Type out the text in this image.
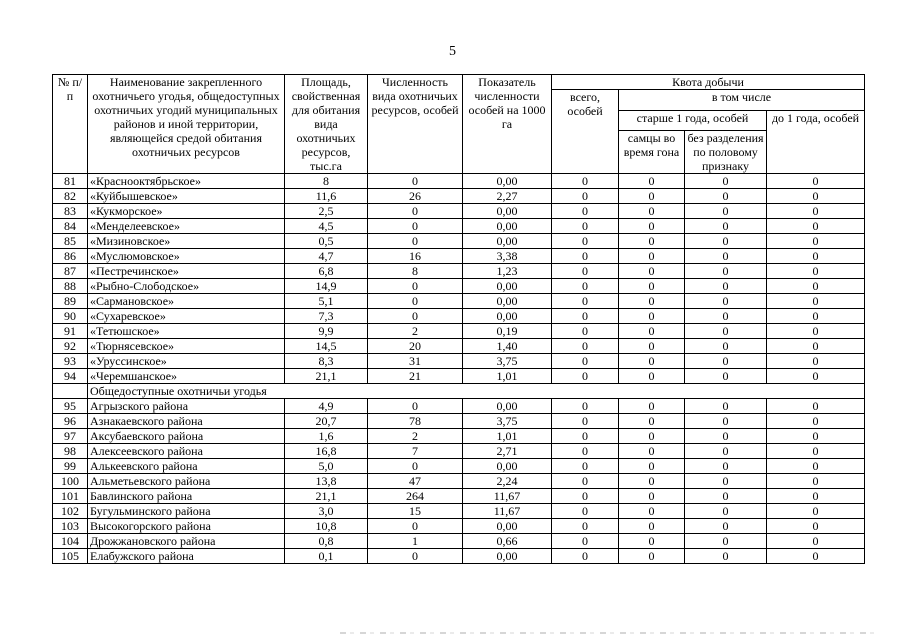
5
№ п/п	Наименование закрепленного охотничьего угодья, общедоступных охотничьих угодий муниципальных районов и иной территории, являющейся средой обитания охотничьих ресурсов	Площадь, свойственная для обитания вида охотничьих ресурсов, тыс.га	Численность вида охотничьих ресурсов, особей	Показатель численности особей на 1000 га	Квота добычи			
					всего, особей	в том числе		
						старше 1 года, особей		до 1 года, особей
						самцы во время гона	без разделения по половому признаку	
81	«Краснооктябрьское»	8	0	0,00	0	0	0	0
82	«Куйбышевское»	11,6	26	2,27	0	0	0	0
83	«Кукморское»	2,5	0	0,00	0	0	0	0
84	«Менделеевское»	4,5	0	0,00	0	0	0	0
85	«Мизиновское»	0,5	0	0,00	0	0	0	0
86	«Муслюмовское»	4,7	16	3,38	0	0	0	0
87	«Пестречинское»	6,8	8	1,23	0	0	0	0
88	«Рыбно-Слободское»	14,9	0	0,00	0	0	0	0
89	«Сармановское»	5,1	0	0,00	0	0	0	0
90	«Сухаревское»	7,3	0	0,00	0	0	0	0
91	«Тетюшское»	9,9	2	0,19	0	0	0	0
92	«Тюрнясевское»	14,5	20	1,40	0	0	0	0
93	«Уруссинское»	8,3	31	3,75	0	0	0	0
94	«Черемшанское»	21,1	21	1,01	0	0	0	0
	Общедоступные охотничьи угодья							
95	Агрызского района	4,9	0	0,00	0	0	0	0
96	Азнакаевского района	20,7	78	3,75	0	0	0	0
97	Аксубаевского района	1,6	2	1,01	0	0	0	0
98	Алексеевского района	16,8	7	2,71	0	0	0	0
99	Алькеевского района	5,0	0	0,00	0	0	0	0
100	Альметьевского района	13,8	47	2,24	0	0	0	0
101	Бавлинского района	21,1	264	11,67	0	0	0	0
102	Бугульминского района	3,0	15	11,67	0	0	0	0
103	Высокогорского района	10,8	0	0,00	0	0	0	0
104	Дрожжановского района	0,8	1	0,66	0	0	0	0
105	Елабужского района	0,1	0	0,00	0	0	0	0
